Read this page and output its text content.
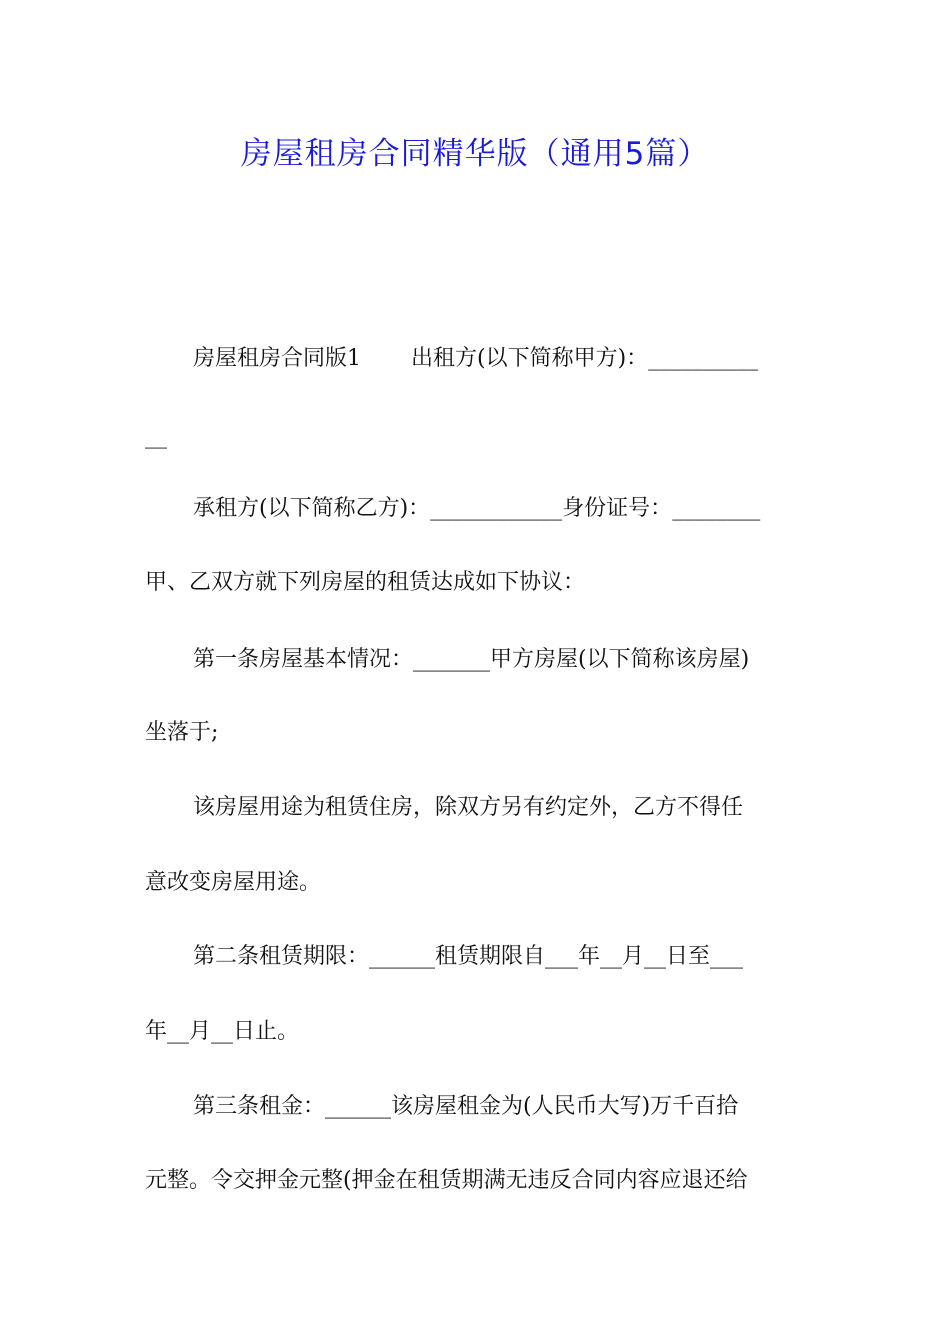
房屋租房合同精华版（通用5篇）
房屋租房合同版1 出租方(以下简称甲方)：__________
__
承租方(以下简称乙方)：____________身份证号：________
甲、乙双方就下列房屋的租赁达成如下协议：
第一条房屋基本情况：_______甲方房屋(以下简称该房屋)
坐落于;
该房屋用途为租赁住房，除双方另有约定外，乙方不得任
意改变房屋用途。
第二条租赁期限：______租赁期限自___年__月__日至___
年__月__日止。
第三条租金：______该房屋租金为(人民币大写)万千百拾
元整。令交押金元整(押金在租赁期满无违反合同内容应退还给
